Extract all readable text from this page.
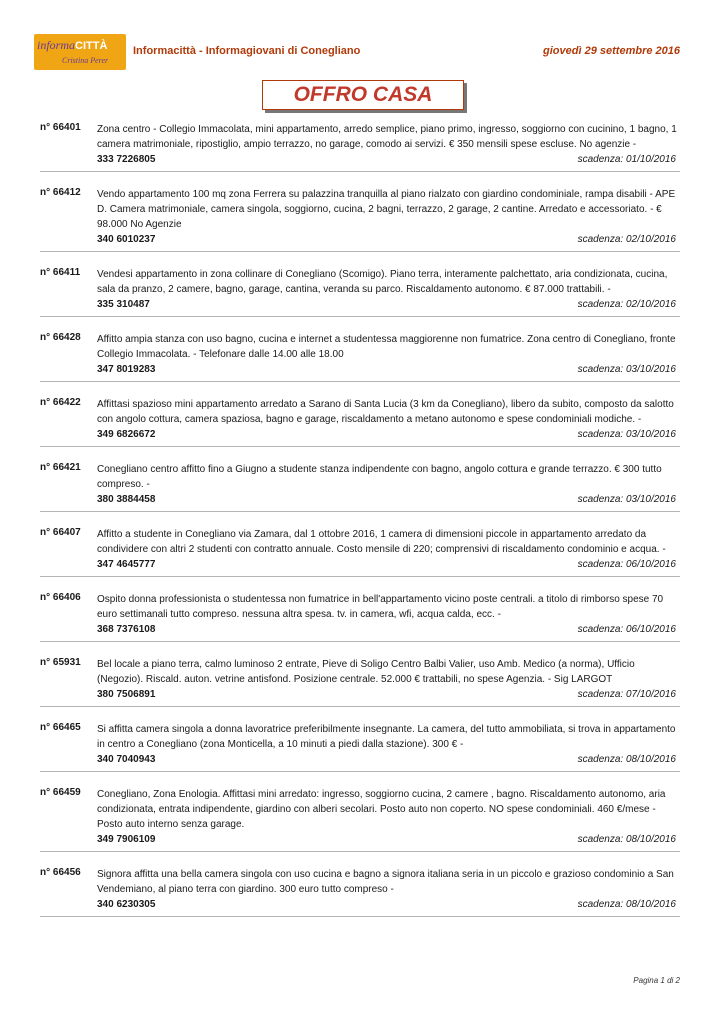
informaCITTÀ
Cristina Perer
Informacittà - Informagiovani di Conegliano	giovedì 29 settembre 2016
OFFRO CASA
n° 66401 Zona centro - Collegio Immacolata, mini appartamento, arredo semplice, piano primo, ingresso, soggiorno con cucinino, 1 bagno, 1 camera matrimoniale, ripostiglio, ampio terrazzo, no garage, comodo ai servizi. € 350 mensili spese escluse. No agenzie -
333 7226805	scadenza: 01/10/2016
n° 66412 Vendo appartamento 100 mq zona Ferrera su palazzina tranquilla al piano rialzato con giardino condominiale, rampa disabili - APE D. Camera matrimoniale, camera singola, soggiorno, cucina, 2 bagni, terrazzo, 2 garage, 2 cantine. Arredato e accessoriato. - € 98.000 No Agenzie
340 6010237	scadenza: 02/10/2016
n° 66411 Vendesi appartamento in zona collinare di Conegliano (Scomigo). Piano terra, interamente palchettato, aria condizionata, cucina, sala da pranzo, 2 camere, bagno, garage, cantina, veranda su parco. Riscaldamento autonomo. € 87.000 trattabili. -
335 310487	scadenza: 02/10/2016
n° 66428 Affitto ampia stanza con uso bagno, cucina e internet a studentessa maggiorenne non fumatrice. Zona centro di Conegliano, fronte Collegio Immacolata. - Telefonare dalle 14.00 alle 18.00
347 8019283	scadenza: 03/10/2016
n° 66422 Affittasi spazioso mini appartamento arredato a Sarano di Santa Lucia (3 km da Conegliano), libero da subito, composto da salotto con angolo cottura, camera spaziosa, bagno e garage, riscaldamento a metano autonomo e spese condominiali modiche. -
349 6826672	scadenza: 03/10/2016
n° 66421 Conegliano centro affitto fino a Giugno a studente stanza indipendente con bagno, angolo cottura e grande terrazzo. € 300 tutto compreso. -
380 3884458	scadenza: 03/10/2016
n° 66407 Affitto a studente in Conegliano via Zamara, dal 1 ottobre 2016, 1 camera di dimensioni piccole in appartamento arredato da condividere con altri 2 studenti con contratto annuale. Costo mensile di 220; comprensivi di riscaldamento condominio e acqua. -
347 4645777	scadenza: 06/10/2016
n° 66406 Ospito donna professionista o studentessa non fumatrice in bell'appartamento vicino poste centrali. a titolo di rimborso spese 70 euro settimanali tutto compreso. nessuna altra spesa. tv. in camera, wfi, acqua calda, ecc. -
368 7376108	scadenza: 06/10/2016
n° 65931 Bel locale a piano terra, calmo luminoso 2 entrate, Pieve di Soligo Centro Balbi Valier, uso Amb. Medico (a norma), Ufficio (Negozio). Riscald. auton. vetrine antisfond. Posizione centrale. 52.000 € trattabili, no spese Agenzia. - Sig LARGOT
380 7506891	scadenza: 07/10/2016
n° 66465 Si affitta camera singola a donna lavoratrice preferibilmente insegnante. La camera, del tutto ammobiliata, si trova in appartamento in centro a Conegliano (zona Monticella, a 10 minuti a piedi dalla stazione). 300 € -
340 7040943	scadenza: 08/10/2016
n° 66459 Conegliano, Zona Enologia. Affittasi mini arredato: ingresso, soggiorno cucina, 2 camere , bagno. Riscaldamento autonomo, aria condizionata, entrata indipendente, giardino con alberi secolari. Posto auto non coperto. NO spese condominiali. 460 €/mese - Posto auto interno senza garage.
349 7906109	scadenza: 08/10/2016
n° 66456 Signora affitta una bella camera singola con uso cucina e bagno a signora italiana seria in un piccolo e grazioso condominio a San Vendemiano, al piano terra con giardino. 300 euro tutto compreso -
340 6230305	scadenza: 08/10/2016
Pagina 1 di 2
